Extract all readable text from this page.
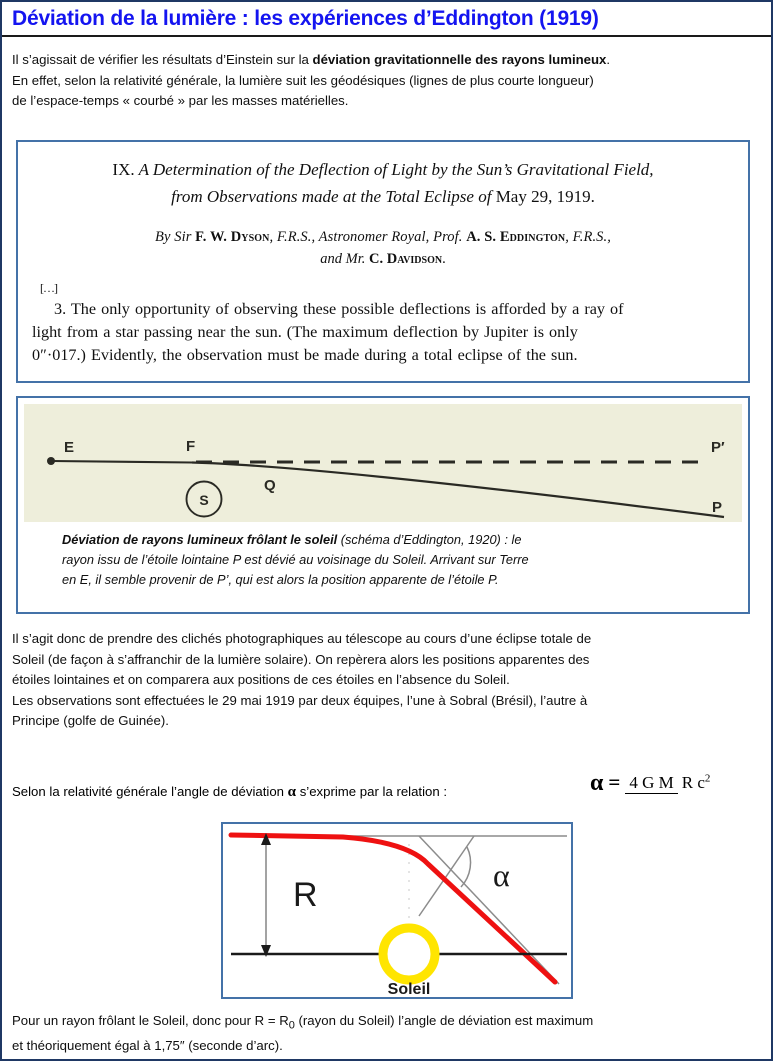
Déviation de la lumière : les expériences d’Eddington (1919)
Il s’agissait de vérifier les résultats d’Einstein sur la déviation gravitationnelle des rayons lumineux.
En effet, selon la relativité générale, la lumière suit les géodésiques (lignes de plus courte longueur)
de l’espace-temps « courbé » par les masses matérielles.
IX. A Determination of the Deflection of Light by the Sun’s Gravitational Field,
from Observations made at the Total Eclipse of May 29, 1919.
By Sir F. W. Dyson, F.R.S., Astronomer Royal, Prof. A. S. Eddington, F.R.S.,
and Mr. C. Davidson.
[…]
3. The only opportunity of observing these possible deflections is afforded by a ray of
light from a star passing near the sun. (The maximum deflection by Jupiter is only
0″·017.) Evidently, the observation must be made during a total eclipse of the sun.
S
E	F
Q
P′
P
Déviation de rayons lumineux frôlant le soleil (schéma d’Eddington, 1920) : le
rayon issu de l’étoile lointaine P est dévié au voisinage du Soleil. Arrivant sur Terre
en E, il semble provenir de P’, qui est alors la position apparente de l’étoile P.
Il s’agit donc de prendre des clichés photographiques au télescope au cours d’une éclipse totale de
Soleil (de façon à s’affranchir de la lumière solaire). On repèrera alors les positions apparentes des
étoiles lointaines et on comparera aux positions de ces étoiles en l’absence du Soleil.
Les observations sont effectuées le 29 mai 1919 par deux équipes, l’une à Sobral (Brésil), l’autre à
Principe (golfe de Guinée).
Selon la relativité générale l’angle de déviation α s’exprime par la relation :	α = 4 G M R $c^2$
R
α
Soleil
Pour un rayon frôlant le Soleil, donc pour $R = R_0$ (rayon du Soleil) l’angle de déviation est maximum
et théoriquement égal à 1,75″ (seconde d’arc).
